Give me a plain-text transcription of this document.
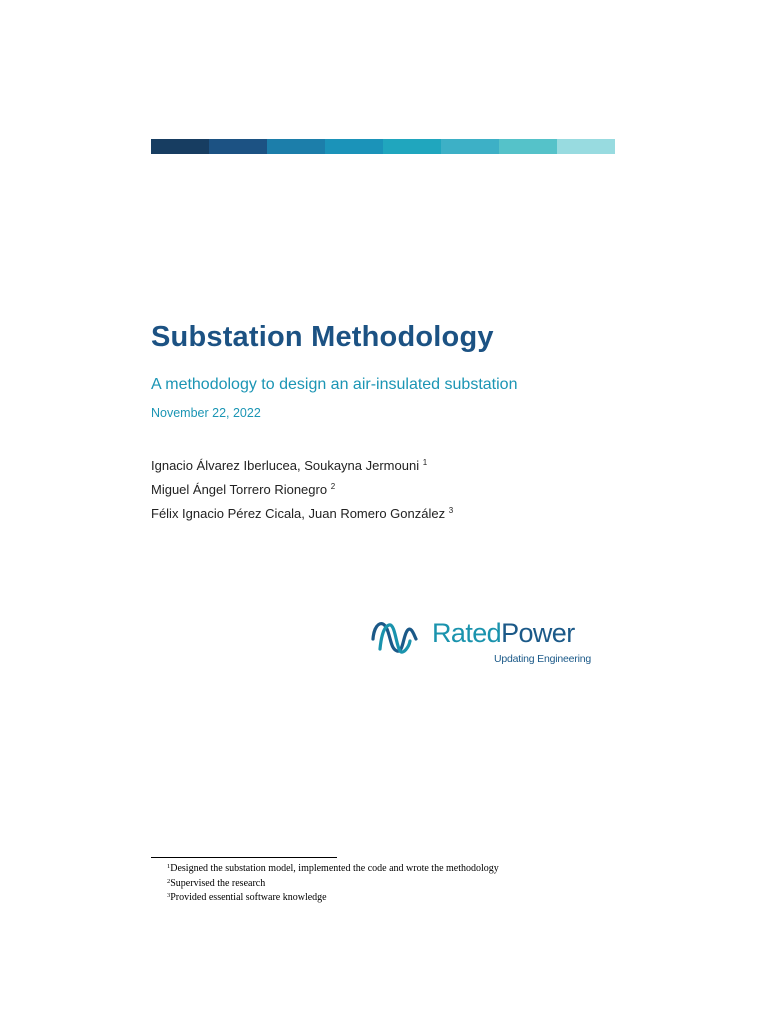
Substation Methodology
A methodology to design an air-insulated substation
November 22, 2022
Ignacio Álvarez Iberlucea, Soukayna Jermouni $^1$
Miguel Ángel Torrero Rionegro $^2$
Félix Ignacio Pérez Cicala, Juan Romero González $^3$
RatedPower
Updating Engineering
$^1$Designed the substation model, implemented the code and wrote the methodology
$^2$Supervised the research
$^3$Provided essential software knowledge
